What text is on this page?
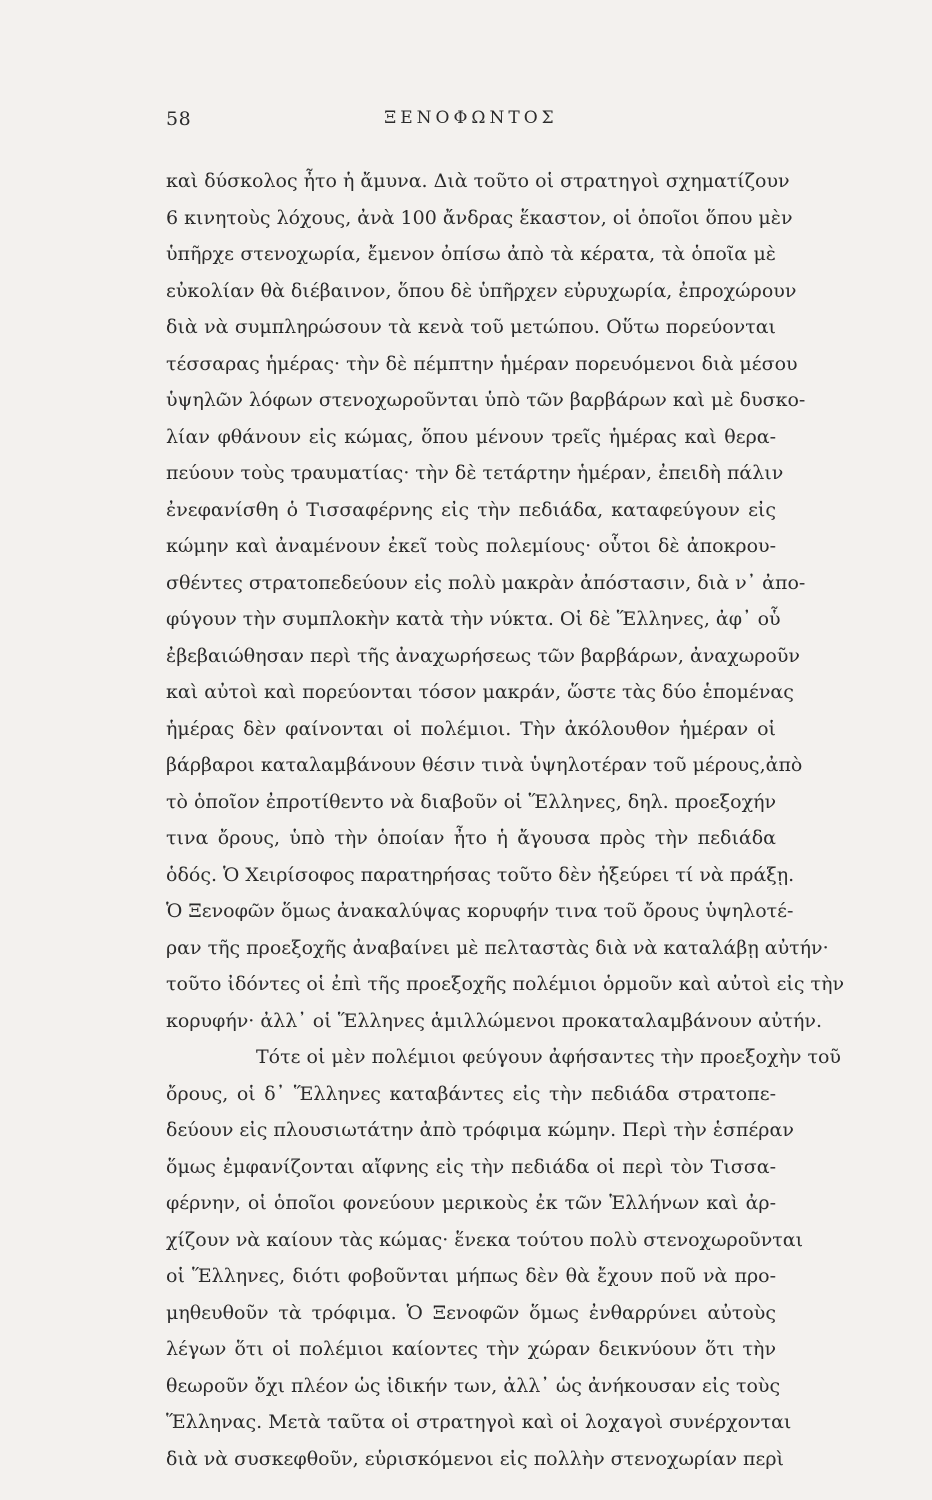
58	ΞΕΝΟΦΩΝΤΟΣ
καὶ δύσκολος ἦτο ἡ ἄμυνα. Διὰ τοῦτο οἱ στρατηγοὶ σχηματίζουν
6 κινητοὺς λόχους, ἀνὰ 100 ἄνδρας ἕκαστον, οἱ ὁποῖοι ὅπου μὲν
ὑπῆρχε στενοχωρία, ἔμενον ὀπίσω ἀπὸ τὰ κέρατα, τὰ ὁποῖα μὲ
εὐκολίαν θὰ διέβαινον, ὅπου δὲ ὑπῆρχεν εὐρυχωρία, ἐπροχώρουν
διὰ νὰ συμπληρώσουν τὰ κενὰ τοῦ μετώπου. Οὕτω πορεύονται
τέσσαρας ἡμέρας· τὴν δὲ πέμπτην ἡμέραν πορευόμενοι διὰ μέσου
ὑψηλῶν λόφων στενοχωροῦνται ὑπὸ τῶν βαρβάρων καὶ μὲ δυσκο-
λίαν φθάνουν εἰς κώμας, ὅπου μένουν τρεῖς ἡμέρας καὶ θερα-
πεύουν τοὺς τραυματίας· τὴν δὲ τετάρτην ἡμέραν, ἐπειδὴ πάλιν
ἐνεφανίσθη ὁ Τισσαφέρνης εἰς τὴν πεδιάδα, καταφεύγουν εἰς
κώμην καὶ ἀναμένουν ἐκεῖ τοὺς πολεμίους· οὗτοι δὲ ἀποκρου-
σθέντες στρατοπεδεύουν εἰς πολὺ μακρὰν ἀπόστασιν, διὰ ν᾿ ἀπο-
φύγουν τὴν συμπλοκὴν κατὰ τὴν νύκτα. Οἱ δὲ Ἕλληνες, ἀφ᾿ οὗ
ἐβεβαιώθησαν περὶ τῆς ἀναχωρήσεως τῶν βαρβάρων, ἀναχωροῦν
καὶ αὐτοὶ καὶ πορεύονται τόσον μακράν, ὥστε τὰς δύο ἑπομένας
ἡμέρας δὲν φαίνονται οἱ πολέμιοι. Τὴν ἀκόλουθον ἡμέραν οἱ
βάρβαροι καταλαμβάνουν θέσιν τινὰ ὑψηλοτέραν τοῦ μέρους,ἀπὸ
τὸ ὁποῖον ἐπροτίθεντο νὰ διαβοῦν οἱ Ἕλληνες, δηλ. προεξοχήν
τινα ὄρους, ὑπὸ τὴν ὁποίαν ἦτο ἡ ἄγουσα πρὸς τὴν πεδιάδα
ὁδός. Ὁ Χειρίσοφος παρατηρήσας τοῦτο δὲν ἠξεύρει τί νὰ πράξῃ.
Ὁ Ξενοφῶν ὅμως ἀνακαλύψας κορυφήν τινα τοῦ ὄρους ὑψηλοτέ-
ραν τῆς προεξοχῆς ἀναβαίνει μὲ πελταστὰς διὰ νὰ καταλάβῃ αὐτήν·
τοῦτο ἰδόντες οἱ ἐπὶ τῆς προεξοχῆς πολέμιοι ὁρμοῦν καὶ αὐτοὶ εἰς τὴν
κορυφήν· ἀλλ᾿ οἱ Ἕλληνες ἁμιλλώμενοι προκαταλαμβάνουν αὐτήν.
Τότε οἱ μὲν πολέμιοι φεύγουν ἀφήσαντες τὴν προεξοχὴν τοῦ
ὄρους, οἱ δ᾿ Ἕλληνες καταβάντες εἰς τὴν πεδιάδα στρατοπε-
δεύουν εἰς πλουσιωτάτην ἀπὸ τρόφιμα κώμην. Περὶ τὴν ἑσπέραν
ὅμως ἐμφανίζονται αἴφνης εἰς τὴν πεδιάδα οἱ περὶ τὸν Τισσα-
φέρνην, οἱ ὁποῖοι φονεύουν μερικοὺς ἐκ τῶν Ἑλλήνων καὶ ἀρ-
χίζουν νὰ καίουν τὰς κώμας· ἕνεκα τούτου πολὺ στενοχωροῦνται
οἱ Ἕλληνες, διότι φοβοῦνται μήπως δὲν θὰ ἔχουν ποῦ νὰ προ-
μηθευθοῦν τὰ τρόφιμα. Ὁ Ξενοφῶν ὅμως ἐνθαρρύνει αὐτοὺς
λέγων ὅτι οἱ πολέμιοι καίοντες τὴν χώραν δεικνύουν ὅτι τὴν
θεωροῦν ὄχι πλέον ὡς ἰδικήν των, ἀλλ᾿ ὡς ἀνήκουσαν εἰς τοὺς
Ἕλληνας. Μετὰ ταῦτα οἱ στρατηγοὶ καὶ οἱ λοχαγοὶ συνέρχονται
διὰ νὰ συσκεφθοῦν, εὑρισκόμενοι εἰς πολλὴν στενοχωρίαν περὶ
